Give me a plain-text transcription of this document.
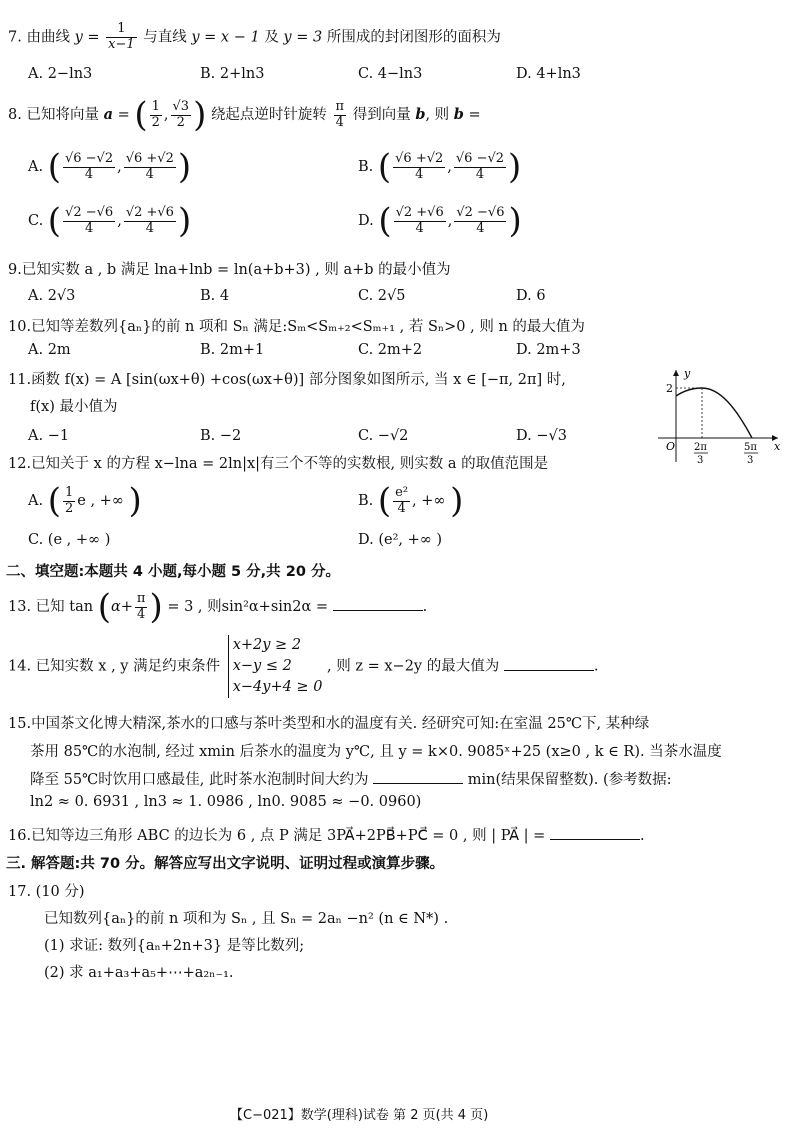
7. 由曲线 $y = \frac{1}{x-1}$ 与直线 y = x − 1 及 y = 3 所围成的封闭图形的面积为
A. 2−ln3	B. 2+ln3	C. 4−ln3	D. 4+ln3
8. 已知将向量 a = ( $\frac{1}{2}$ , $\frac{√3}{2}$ ) 绕起点逆时针旋转 $\frac{\pi}{4}$ 得到向量 b, 则 b =
A. ( $\frac{√6 -√2}{4}$ , $\frac{√6 +√2}{4}$ )	B. ( $\frac{√6 +√2}{4}$ , $\frac{√6 -√2}{4}$ )
C. ( $\frac{√2 -√6}{4}$ , $\frac{√2 +√6}{4}$ )	D. ( $\frac{√2 +√6}{4}$ , $\frac{√2 -√6}{4}$ )
9.已知实数 a , b 满足 lna+lnb = ln(a+b+3) , 则 a+b 的最小值为
A. 2√3	B. 4	C. 2√5	D. 6
10.已知等差数列{aₙ}的前 n 项和 Sₙ 满足:Sₘ<Sₘ₊₂<Sₘ₊₁ , 若 Sₙ>0 , 则 n 的最大值为
A. 2m	B. 2m+1	C. 2m+2	D. 2m+3
11.函数 f(x) = A [sin(ωx+θ) +cos(ωx+θ)] 部分图象如图所示, 当 x ∈ [−π, 2π] 时,
f(x) 最小值为
A. −1	B. −2	C. −√2	D. −√3
y
x
O
2
2π
3
5π
3
12.已知关于 x 的方程 x−lna = 2ln|x|有三个不等的实数根, 则实数 a 的取值范围是
A. ( $\frac{1}{2}$ e , +∞ )	B. ( $\frac{\text{e²}}{4}$ , +∞ )
C. (e , +∞ )	D. (e², +∞ )
二、填空题:本题共 4 小题,每小题 5 分,共 20 分。
13. 已知 $\tan (\alpha+ \frac{\pi}{4}$ ) = 3 , 则sin²α+sin2α =	.
14. 已知实数 x , y 满足约束条件
x+2y ≥ 2
x−y ≤ 2
x−4y+4 ≥ 0
, 则 z = x−2y 的最大值为	.
15.中国茶文化博大精深,茶水的口感与茶叶类型和水的温度有关. 经研究可知:在室温 25℃下, 某种绿
茶用 85℃的水泡制, 经过 xmin 后茶水的温度为 y℃, 且 y = k×0. 9085ˣ+25 (x≥0 , k ∈ R). 当茶水温度
降至 55℃时饮用口感最佳, 此时茶水泡制时间大约为	min(结果保留整数). (参考数据:
ln2 ≈ 0. 6931 , ln3 ≈ 1. 0986 , ln0. 9085 ≈ −0. 0960)
16.已知等边三角形 ABC 的边长为 6 , 点 P 满足 3PA⃗+2PB⃗+PC⃗ = 0 , 则 | PA⃗ | =	.
三. 解答题:共 70 分。解答应写出文字说明、证明过程或演算步骤。
17. (10 分)
已知数列{aₙ}的前 n 项和为 Sₙ , 且 Sₙ = 2aₙ −n² (n ∈ N*) .
(1) 求证: 数列{aₙ+2n+3} 是等比数列;
(2) 求 a₁+a₃+a₅+⋯+a₂ₙ₋₁.
【C−021】数学(理科)试卷 第 2 页(共 4 页)
